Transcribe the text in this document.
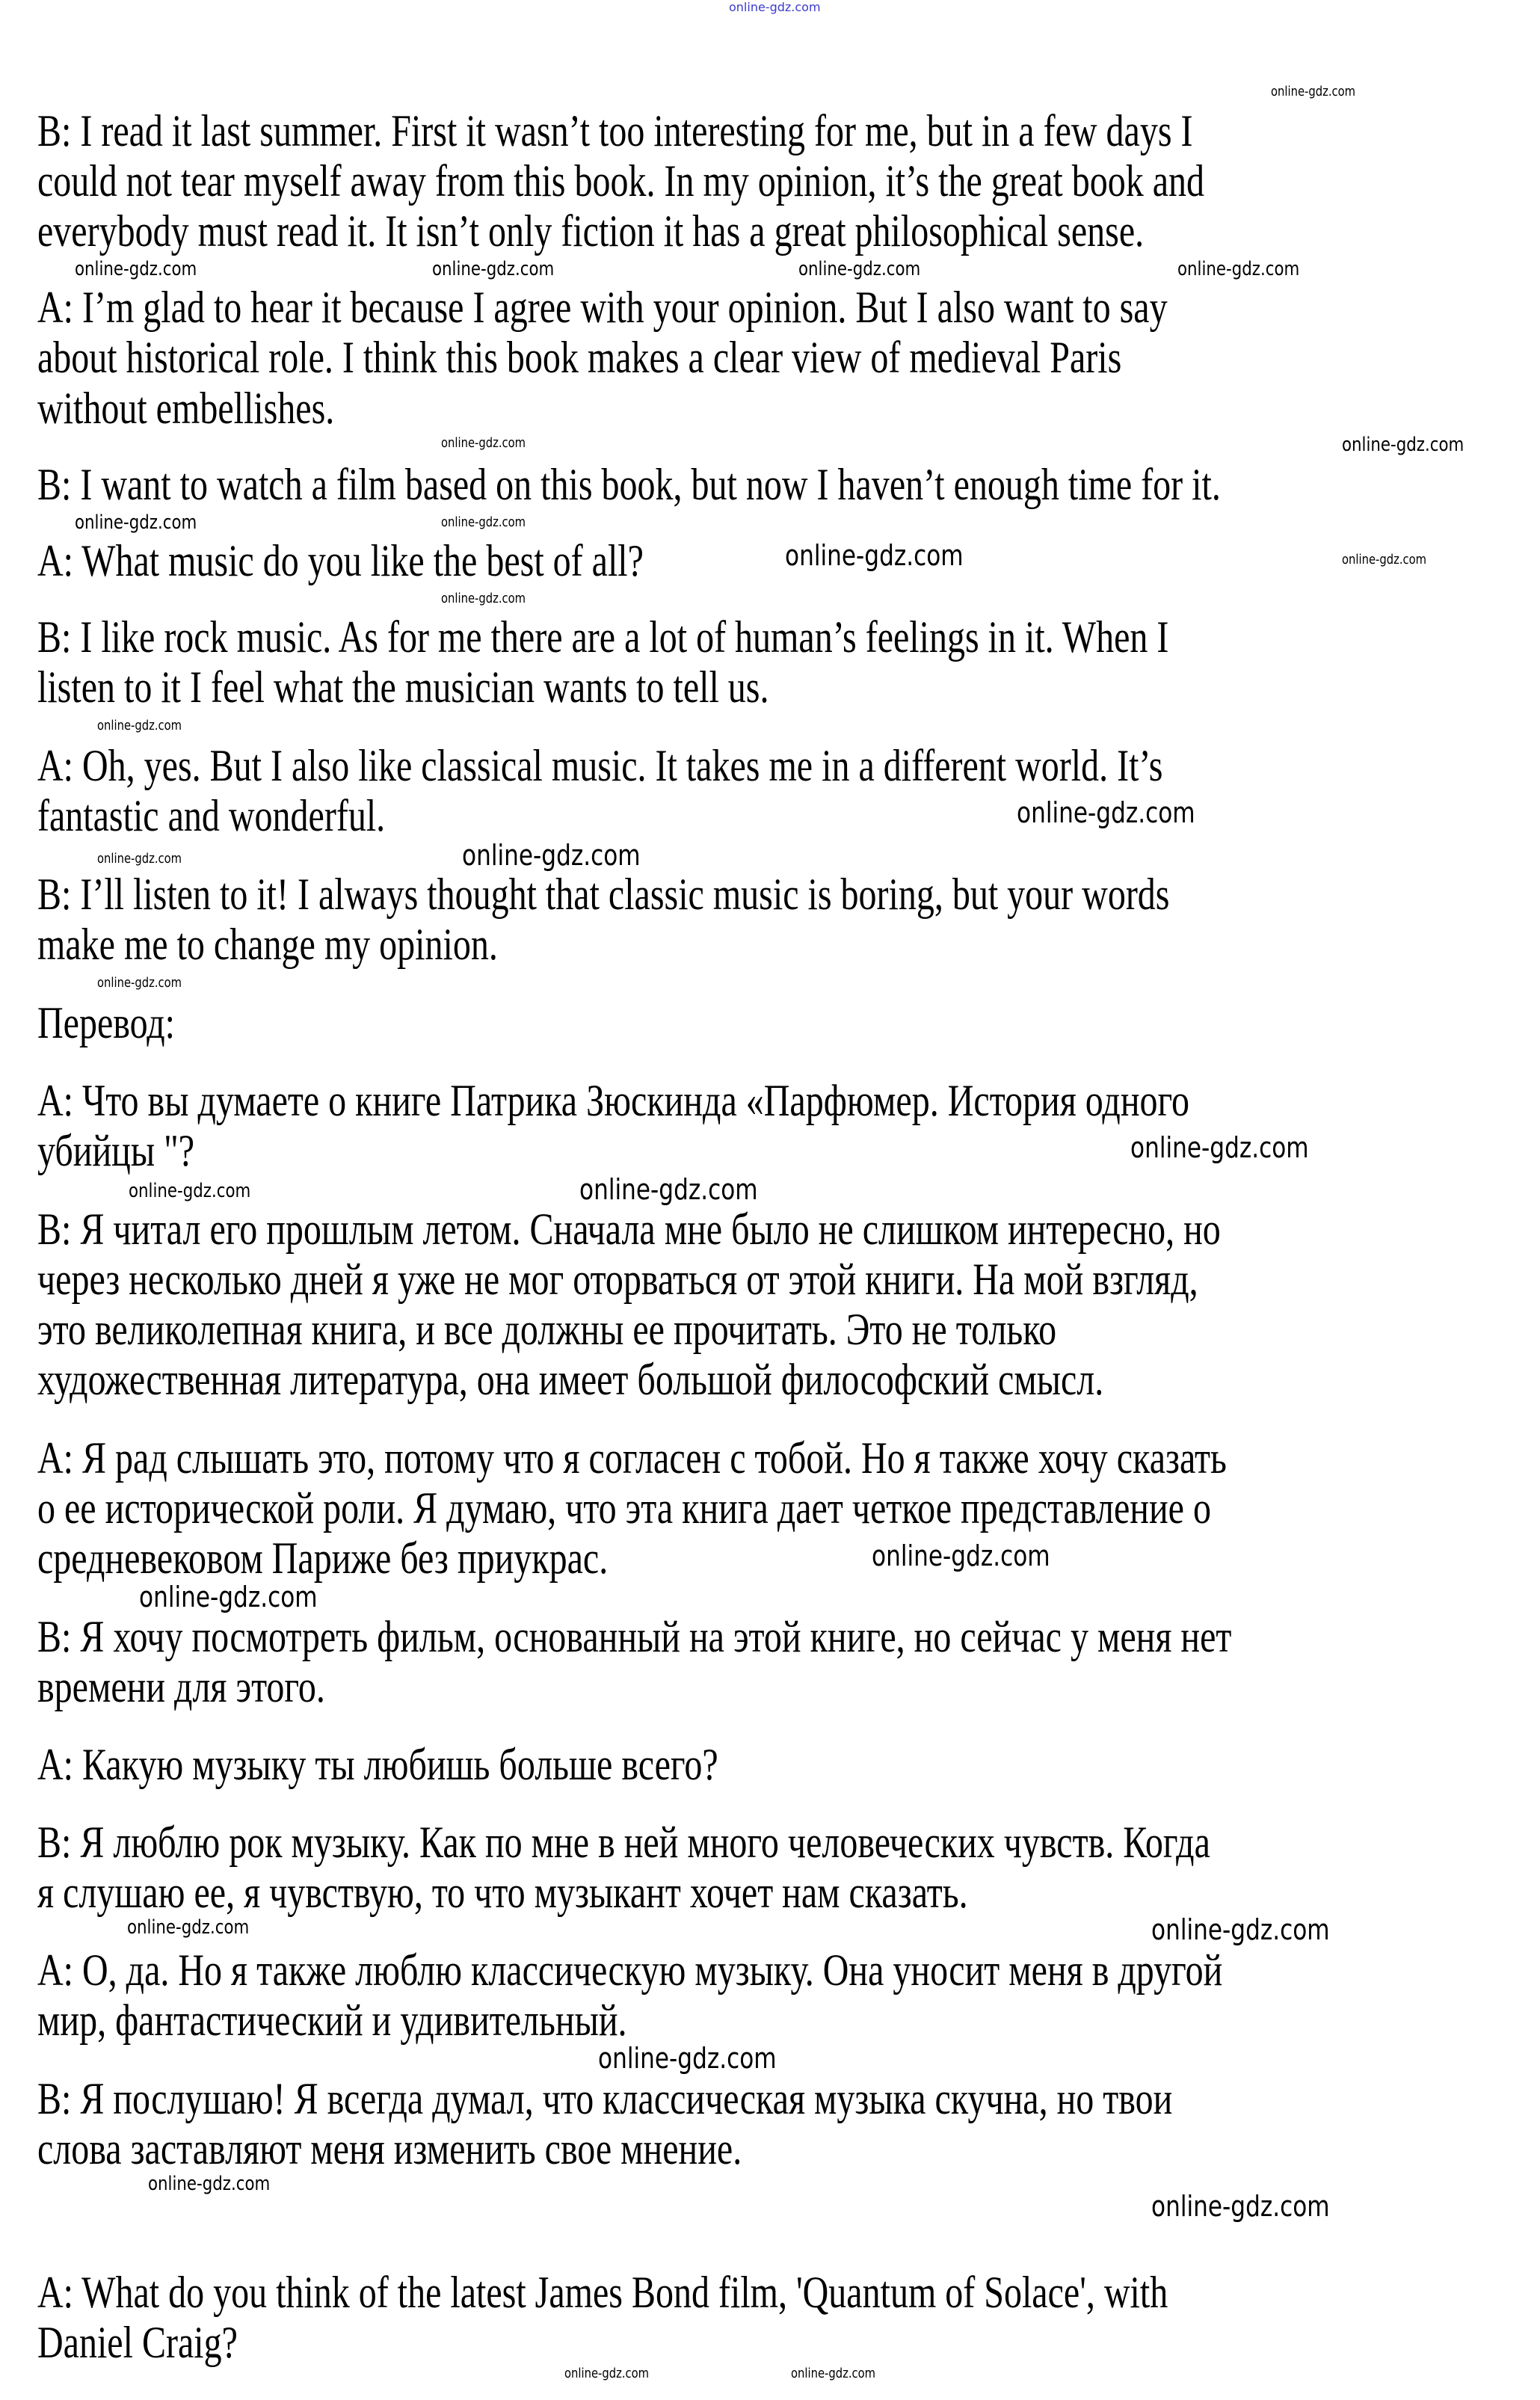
online-gdz.com
B: I read it last summer. First it wasn’t too interesting for me, but in a few days I
could not tear myself away from this book. In my opinion, it’s the great book and
everybody must read it. It isn’t only fiction it has a great philosophical sense.
A: I’m glad to hear it because I agree with your opinion. But I also want to say
about historical role. I think this book makes a clear view of medieval Paris
without embellishes.
B: I want to watch a film based on this book, but now I haven’t enough time for it.
A: What music do you like the best of all?
B: I like rock music. As for me there are a lot of human’s feelings in it. When I
listen to it I feel what the musician wants to tell us.
A: Oh, yes. But I also like classical music. It takes me in a different world. It’s
fantastic and wonderful.
B: I’ll listen to it! I always thought that classic music is boring, but your words
make me to change my opinion.
Перевод:
A: Что вы думаете о книге Патрика Зюскинда «Парфюмер. История одного
убийцы "?
B: Я читал его прошлым летом. Сначала мне было не слишком интересно, но
через несколько дней я уже не мог оторваться от этой книги. На мой взгляд,
это великолепная книга, и все должны ее прочитать. Это не только
художественная литература, она имеет большой философский смысл.
A: Я рад слышать это, потому что я согласен с тобой. Но я также хочу сказать
о ее исторической роли. Я думаю, что эта книга дает четкое представление о
средневековом Париже без приукрас.
B: Я хочу посмотреть фильм, основанный на этой книге, но сейчас у меня нет
времени для этого.
A: Какую музыку ты любишь больше всего?
B: Я люблю рок музыку. Как по мне в ней много человеческих чувств. Когда
я слушаю ее, я чувствую, то что музыкант хочет нам сказать.
A: О, да. Но я также люблю классическую музыку. Она уносит меня в другой
мир, фантастический и удивительный.
B: Я послушаю! Я всегда думал, что классическая музыка скучна, но твои
слова заставляют меня изменить свое мнение.
A: What do you think of the latest James Bond film, 'Quantum of Solace', with
Daniel Craig?
online-gdz.com
online-gdz.com	online-gdz.com	online-gdz.com	online-gdz.com
online-gdz.com	online-gdz.com
online-gdz.com	online-gdz.com
online-gdz.com	online-gdz.com
online-gdz.com
online-gdz.com
online-gdz.com
online-gdz.com
online-gdz.com
online-gdz.com
online-gdz.com
online-gdz.com
online-gdz.com
online-gdz.com
online-gdz.com
online-gdz.com	online-gdz.com
online-gdz.com
online-gdz.com
online-gdz.com
online-gdz.com	online-gdz.com
